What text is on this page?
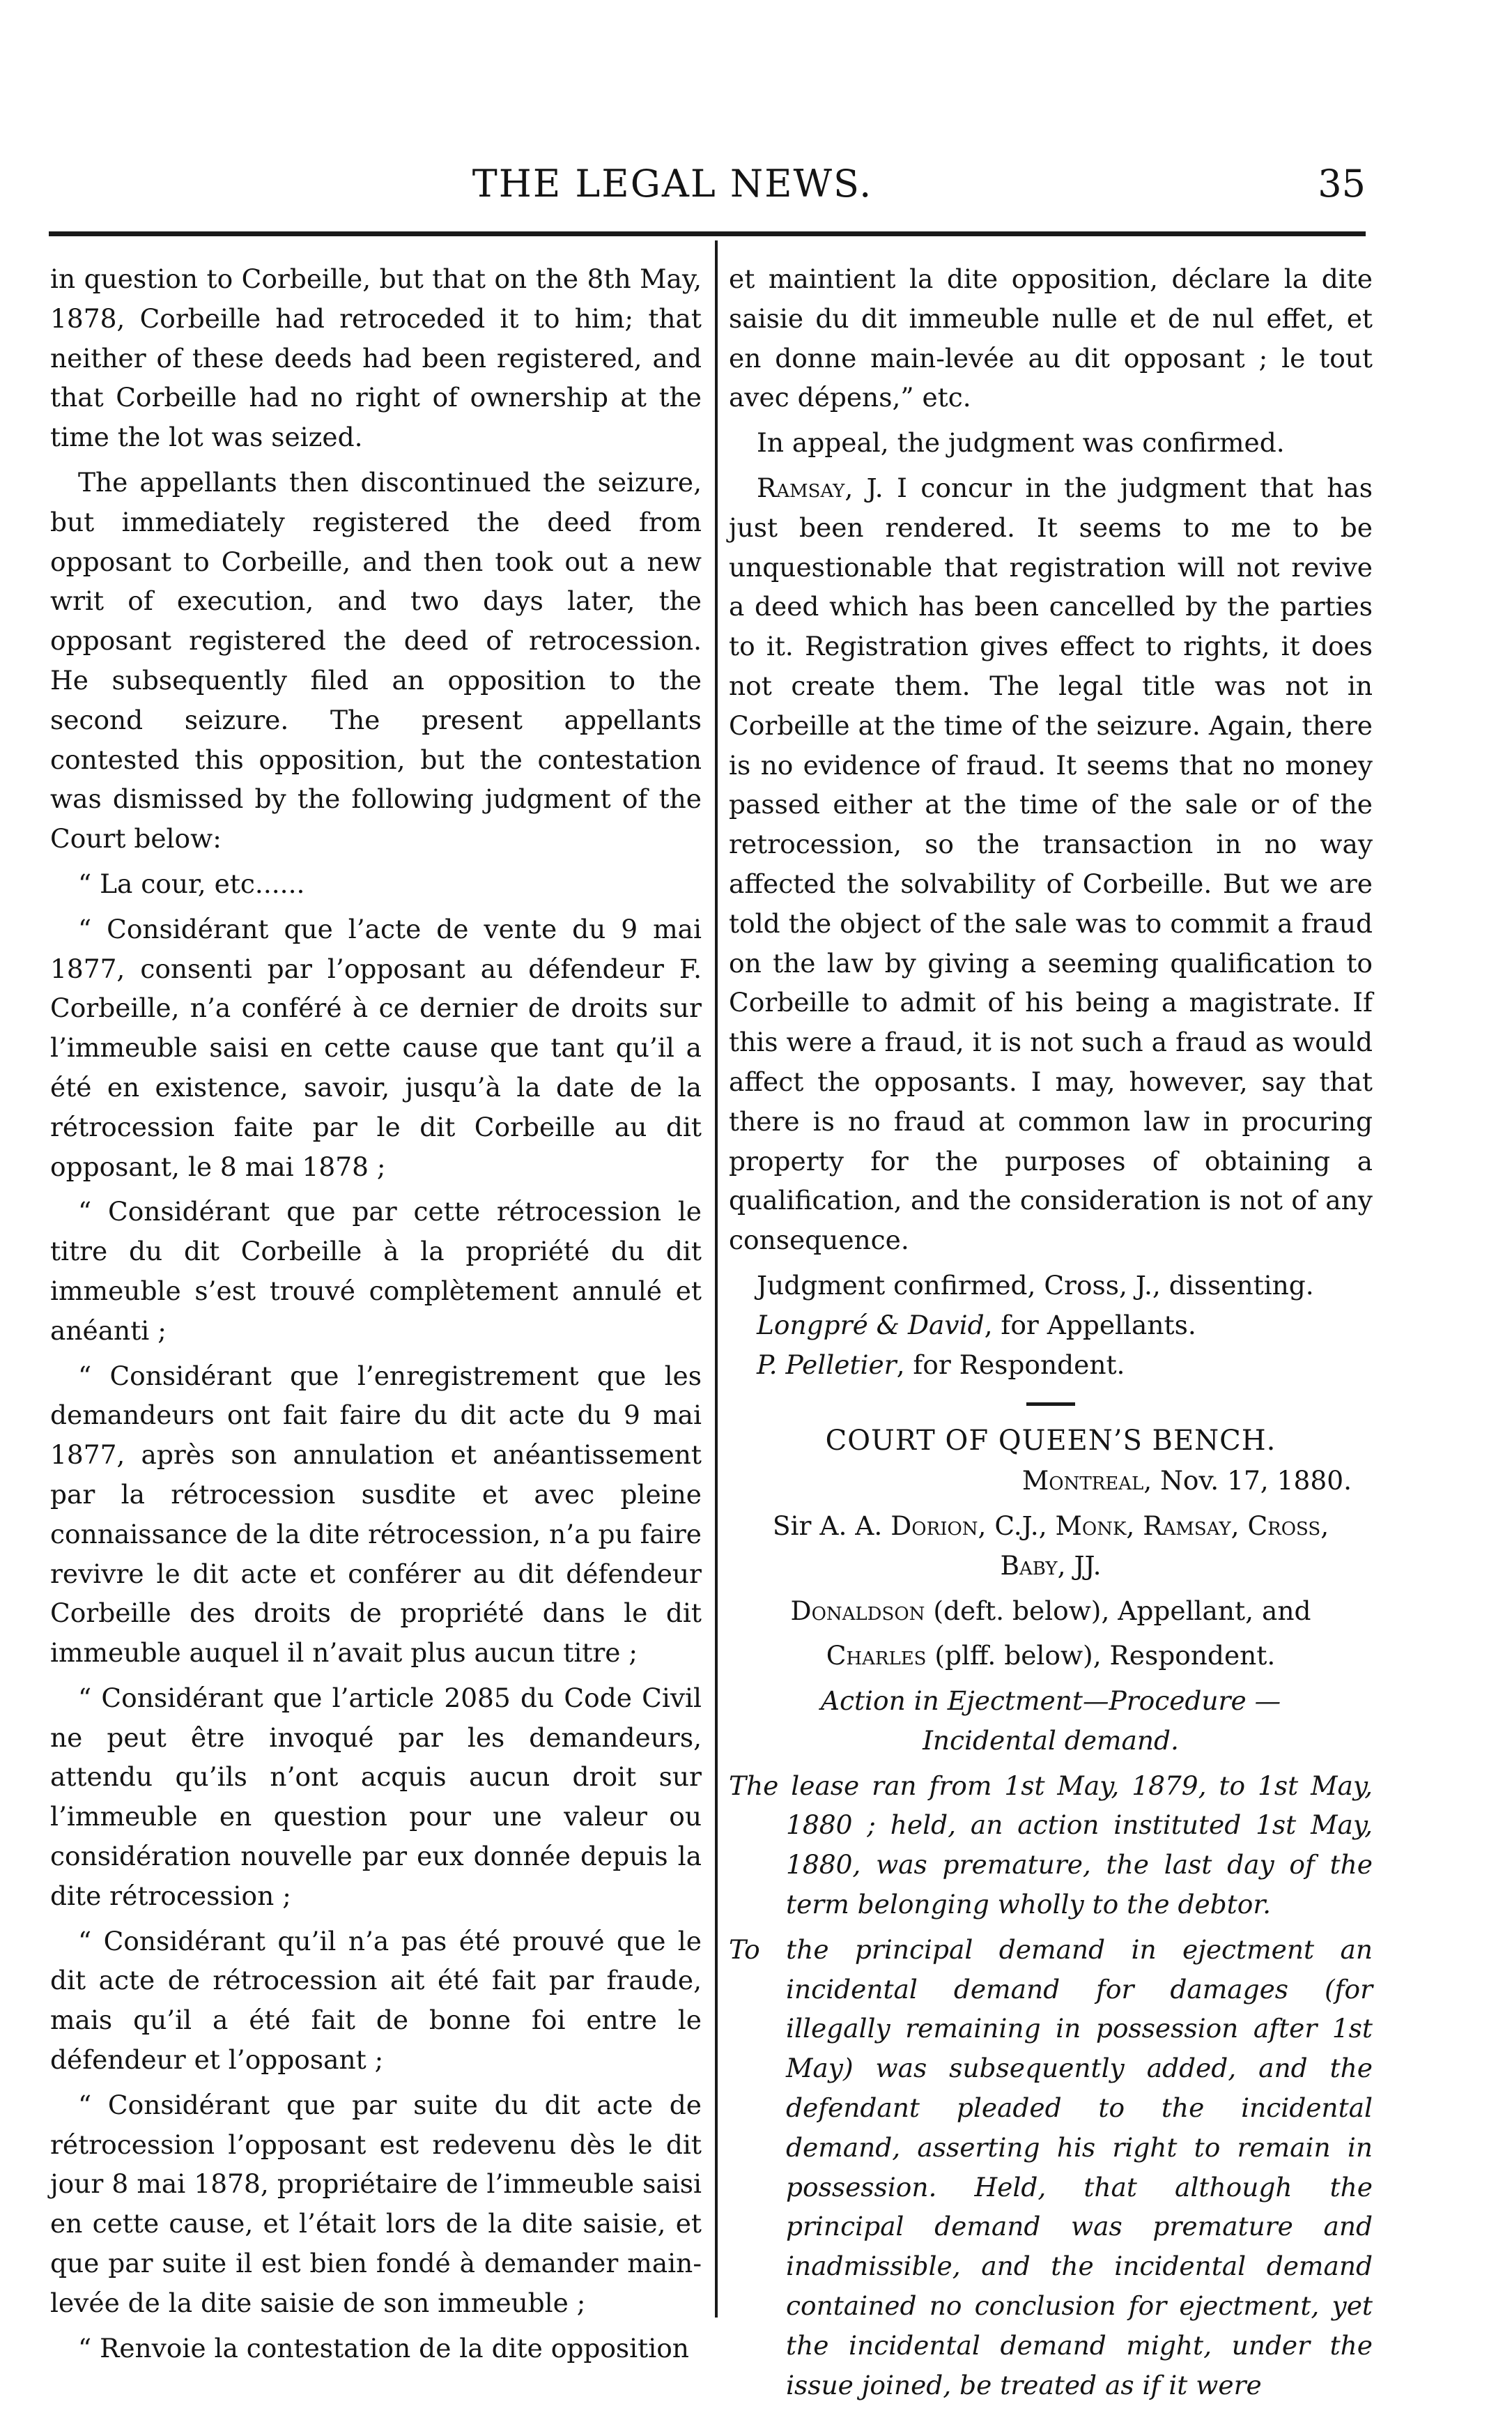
THE LEGAL NEWS.	35

in question to Corbeille, but that on the 8th May, 1878, Corbeille had retroceded it to him; that neither of these deeds had been registered, and that Corbeille had no right of ownership at the time the lot was seized.

The appellants then discontinued the seizure, but immediately registered the deed from opposant to Corbeille, and then took out a new writ of execution, and two days later, the opposant registered the deed of retrocession. He subsequently filed an opposition to the second seizure. The present appellants contested this opposition, but the contestation was dismissed by the following judgment of the Court below:

“ La cour, etc......

“ Considérant que l’acte de vente du 9 mai 1877, consenti par l’opposant au défendeur F. Corbeille, n’a conféré à ce dernier de droits sur l’immeuble saisi en cette cause que tant qu’il a été en existence, savoir, jusqu’à la date de la rétrocession faite par le dit Corbeille au dit opposant, le 8 mai 1878 ;

“ Considérant que par cette rétrocession le titre du dit Corbeille à la propriété du dit immeuble s’est trouvé complètement annulé et anéanti ;

“ Considérant que l’enregistrement que les demandeurs ont fait faire du dit acte du 9 mai 1877, après son annulation et anéantissement par la rétrocession susdite et avec pleine connaissance de la dite rétrocession, n’a pu faire revivre le dit acte et conférer au dit défendeur Corbeille des droits de propriété dans le dit immeuble auquel il n’avait plus aucun titre ;

“ Considérant que l’article 2085 du Code Civil ne peut être invoqué par les demandeurs, attendu qu’ils n’ont acquis aucun droit sur l’immeuble en question pour une valeur ou considération nouvelle par eux donnée depuis la dite rétrocession ;

“ Considérant qu’il n’a pas été prouvé que le dit acte de rétrocession ait été fait par fraude, mais qu’il a été fait de bonne foi entre le défendeur et l’opposant ;

“ Considérant que par suite du dit acte de rétrocession l’opposant est redevenu dès le dit jour 8 mai 1878, propriétaire de l’immeuble saisi en cette cause, et l’était lors de la dite saisie, et que par suite il est bien fondé à demander main-levée de la dite saisie de son immeuble ;

“ Renvoie la contestation de la dite opposition

et maintient la dite opposition, déclare la dite saisie du dit immeuble nulle et de nul effet, et en donne main-levée au dit opposant ; le tout avec dépens,” etc.

In appeal, the judgment was confirmed.

Ramsay, J. I concur in the judgment that has just been rendered. It seems to me to be unquestionable that registration will not revive a deed which has been cancelled by the parties to it. Registration gives effect to rights, it does not create them. The legal title was not in Corbeille at the time of the seizure. Again, there is no evidence of fraud. It seems that no money passed either at the time of the sale or of the retrocession, so the transaction in no way affected the solvability of Corbeille. But we are told the object of the sale was to commit a fraud on the law by giving a seeming qualification to Corbeille to admit of his being a magistrate. If this were a fraud, it is not such a fraud as would affect the opposants. I may, however, say that there is no fraud at common law in procuring property for the purposes of obtaining a qualification, and the consideration is not of any consequence.

Judgment confirmed, Cross, J., dissenting.

Longpré & David, for Appellants.

P. Pelletier, for Respondent.

COURT OF QUEEN’S BENCH.

Montreal, Nov. 17, 1880.

Sir A. A. Dorion, C.J., Monk, Ramsay, Cross,
Baby, JJ.

Donaldson (deft. below), Appellant, and

Charles (plff. below), Respondent.

Action in Ejectment—Procedure — Incidental demand.

The lease ran from 1st May, 1879, to 1st May, 1880 ; held, an action instituted 1st May, 1880, was premature, the last day of the term belonging wholly to the debtor.

To the principal demand in ejectment an incidental demand for damages (for illegally remaining in possession after 1st May) was subsequently added, and the defendant pleaded to the incidental demand, asserting his right to remain in possession. Held, that although the principal demand was premature and inadmissible, and the incidental demand contained no conclusion for ejectment, yet the incidental demand might, under the issue joined, be treated as if it were
